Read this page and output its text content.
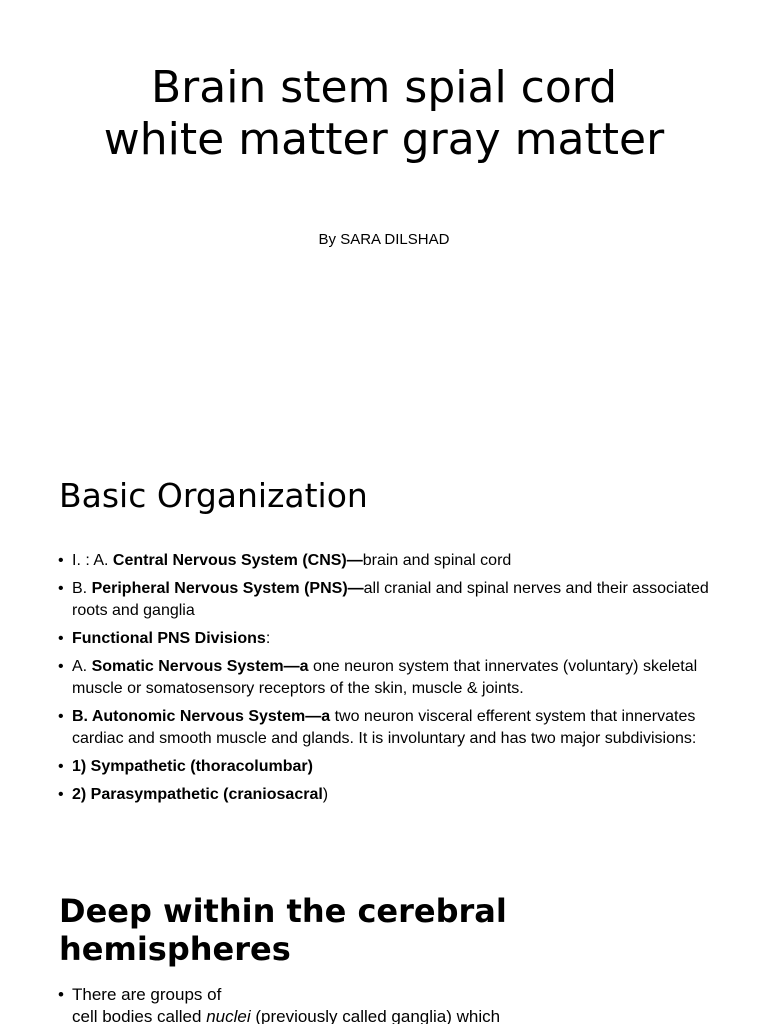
Brain stem spial cord white matter gray matter

By SARA DILSHAD

Basic Organization
• I. : A. Central Nervous System (CNS)—brain and spinal cord
• B. Peripheral Nervous System (PNS)—all cranial and spinal nerves and their associated roots and ganglia
• Functional PNS Divisions:
• A. Somatic Nervous System—a one neuron system that innervates (voluntary) skeletal muscle or somatosensory receptors of the skin, muscle & joints.
• B. Autonomic Nervous System—a two neuron visceral efferent system that innervates cardiac and smooth muscle and glands. It is involuntary and has two major subdivisions:
• 1) Sympathetic (thoracolumbar)
• 2) Parasympathetic (craniosacral)
Deep within the cerebral hemispheres
• There are groups of
cell bodies called nuclei (previously called ganglia) which
